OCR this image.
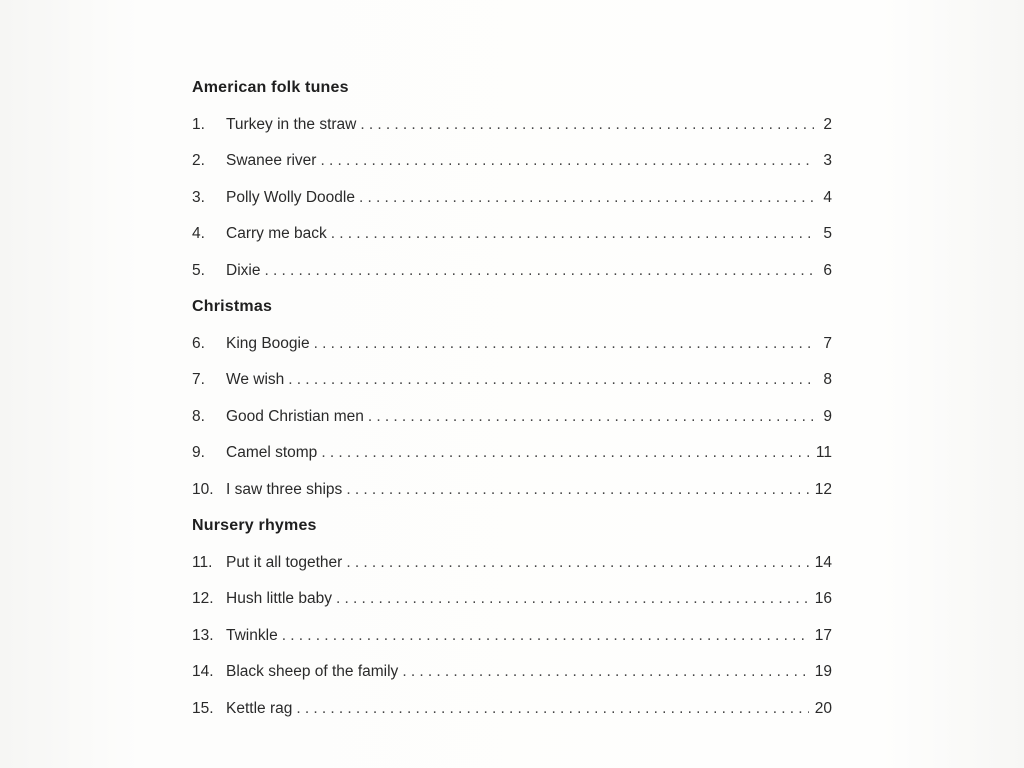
American folk tunes
1.	Turkey in the straw .....	2
2.	Swanee river .....	3
3.	Polly Wolly Doodle .....	4
4.	Carry me back .....	5
5.	Dixie .....	6
Christmas
6.	King Boogie .....	7
7.	We wish .....	8
8.	Good Christian men .....	9
9.	Camel stomp .....	11
10. I saw three ships .....	12
Nursery rhymes
11. Put it all together .....	14
12. Hush little baby .....	16
13. Twinkle .....	17
14. Black sheep of the family .....	19
15. Kettle rag .....	20
